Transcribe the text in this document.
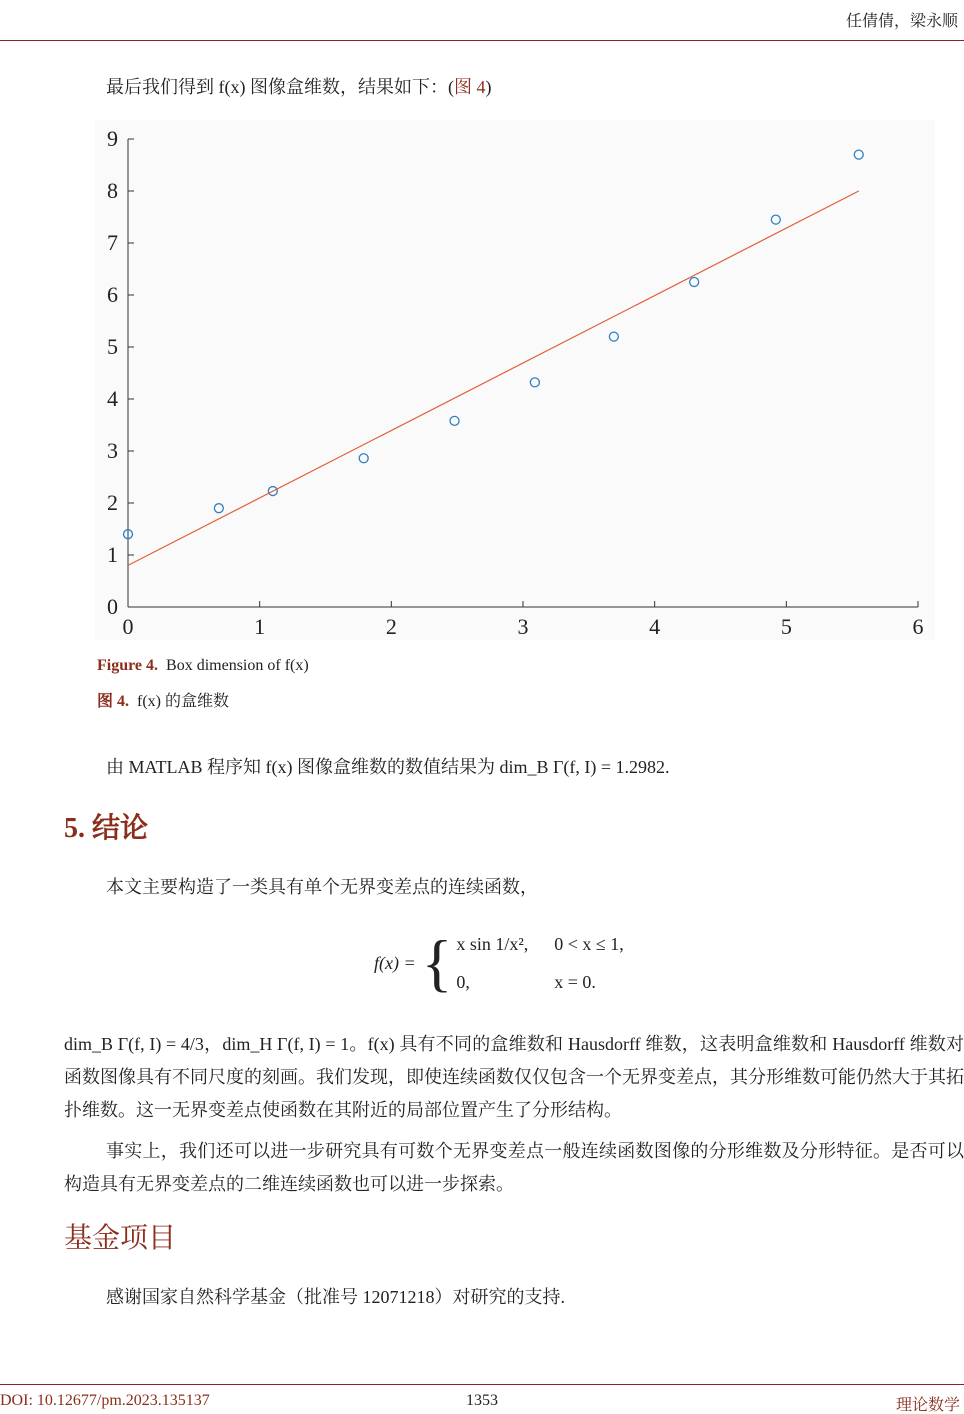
任倩倩，梁永顺
最后我们得到 f(x) 图像盒维数，结果如下：(图 4)
0	1	2	3	4	5	6
0
1
2
3
4
5
6
7
8
9
Figure 4. Box dimension of f(x)
图 4. f(x) 的盒维数
由 MATLAB 程序知 f(x) 图像盒维数的数值结果为 dim_B Γ(f, I) = 1.2982.
5. 结论
本文主要构造了一类具有单个无界变差点的连续函数，
f(x) = { x sin 1/x², 0 < x ≤ 1,
0,	x = 0.

dim_B Γ(f, I) = 4/3，dim_H Γ(f, I) = 1。f(x) 具有不同的盒维数和 Hausdorff 维数，这表明盒维数和 Hausdorff 维数对函数图像具有不同尺度的刻画。我们发现，即使连续函数仅仅包含一个无界变差点，其分形维数可能仍然大于其拓扑维数。这一无界变差点使函数在其附近的局部位置产生了分形结构。

事实上，我们还可以进一步研究具有可数个无界变差点一般连续函数图像的分形维数及分形特征。是否可以构造具有无界变差点的二维连续函数也可以进一步探索。

基金项目

感谢国家自然科学基金（批准号 12071218）对研究的支持.

DOI: 10.12677/pm.2023.135137	1353	理论数学
